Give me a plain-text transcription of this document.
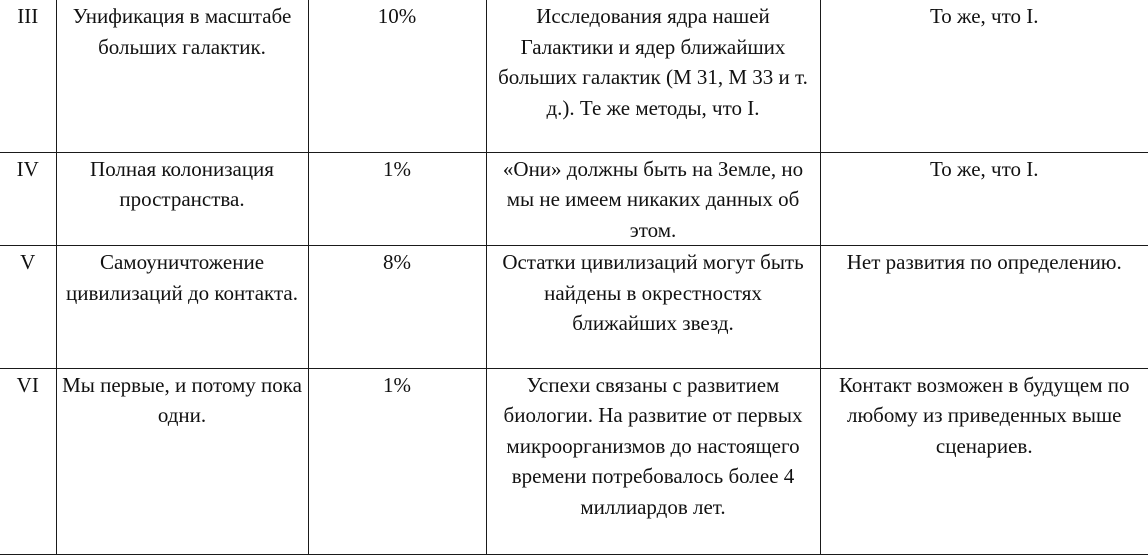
III	Унификация в масштабе больших галактик.	10%	Исследования ядра нашей Галактики и ядер ближайших больших галактик (М 31, М 33 и т. д.). Те же методы, что I.	То же, что I.

IV	Полная колонизация пространства.	1%	«Они» должны быть на Земле, но мы не имеем никаких данных об этом.	То же, что I.

V	Самоуничтожение цивилизаций до контакта.	8%	Остатки цивилизаций могут быть найдены в окрестностях ближайших звезд.	Нет развития по определению.

VI	Мы первые, и потому пока одни.	1%	Успехи связаны с развитием биологии. На развитие от первых микроорганизмов до настоящего времени потребовалось более 4 миллиардов лет.	Контакт возможен в будущем по любому из приведенных выше сценариев.
